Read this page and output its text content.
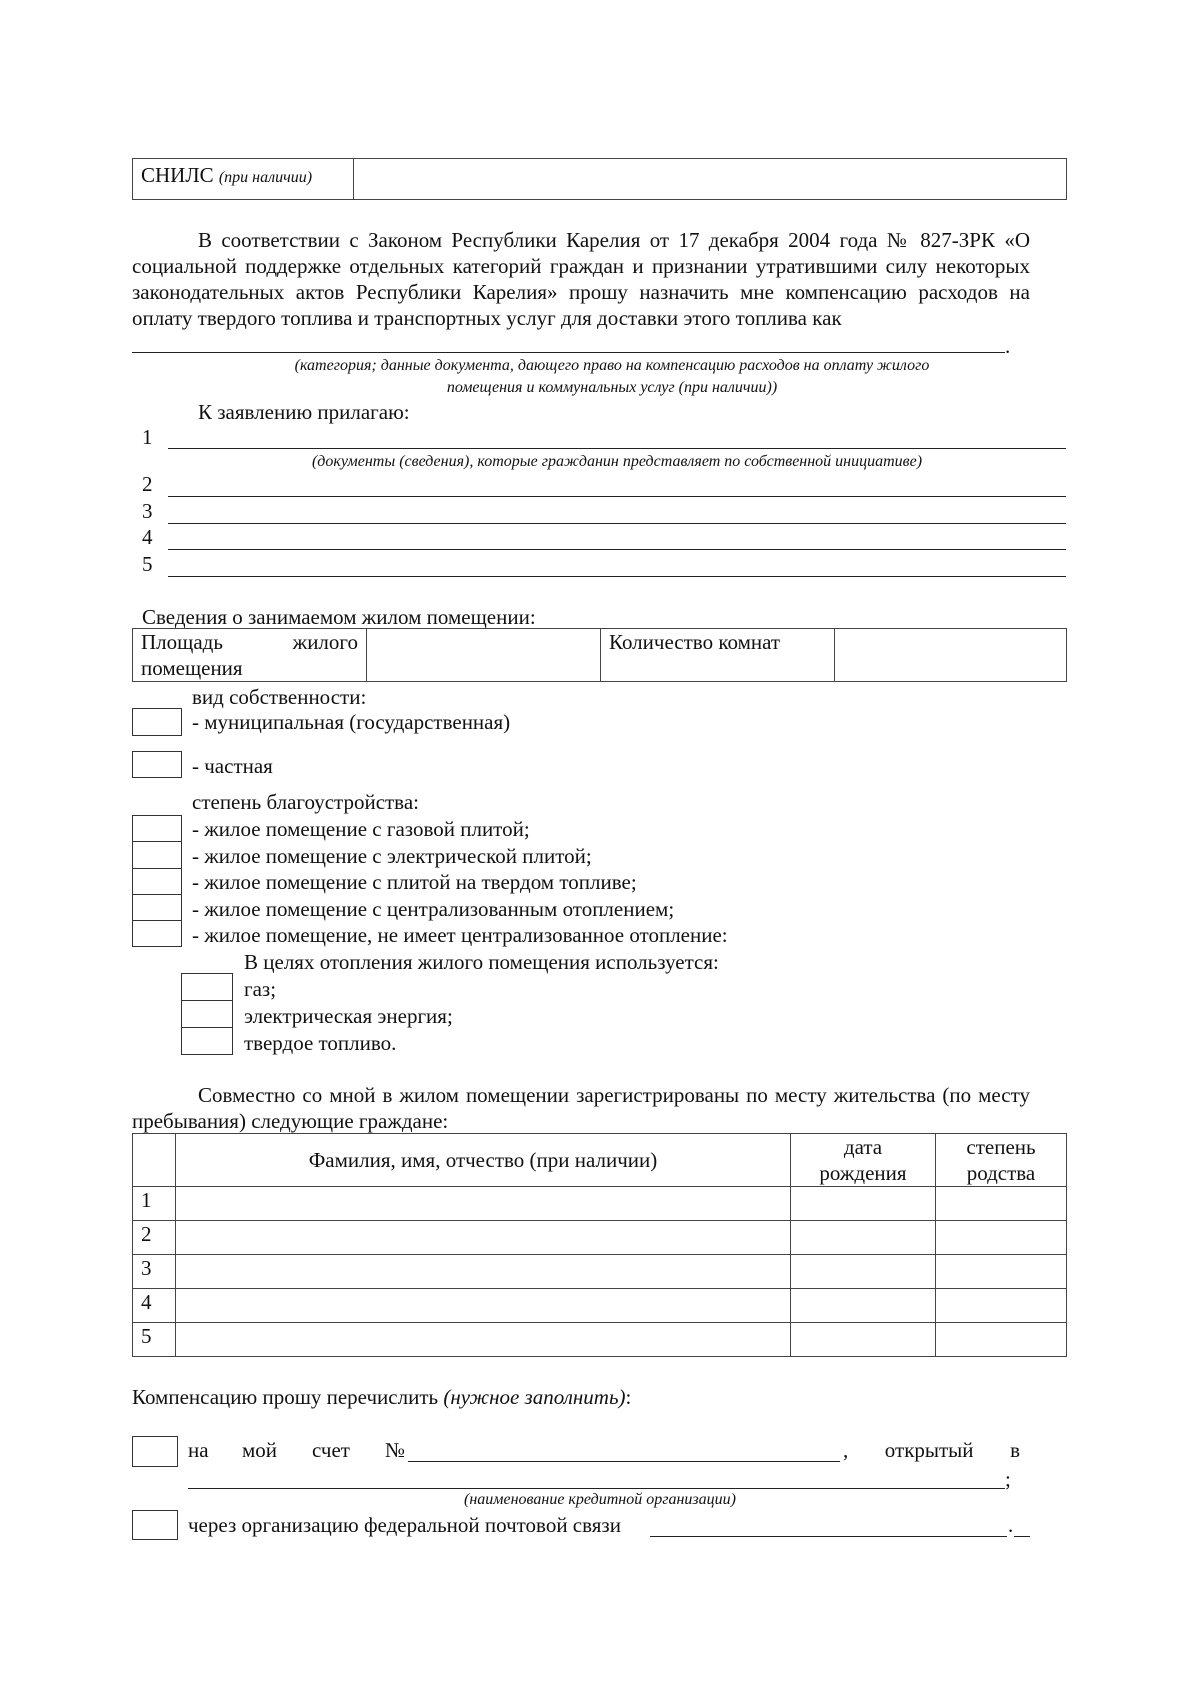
СНИЛС (при наличии)	
В соответствии с Законом Республики Карелия от 17 декабря 2004 года № 827-ЗРК «О социальной поддержке отдельных категорий граждан и признании утратившими силу некоторых законодательных актов Республики Карелия» прошу назначить мне компенсацию расходов на оплату твердого топлива и транспортных услуг для доставки этого топлива как
.
(категория; данные документа, дающего право на компенсацию расходов на оплату жилого
помещения и коммунальных услуг (при наличии))
К заявлению прилагаю:
1
(документы (сведения), которые гражданин представляет по собственной инициативе)
2
3
4
5
Сведения о занимаемом жилом помещении:
Площадь жилого помещения		Количество комнат	
вид собственности:
- муниципальная (государственная)
- частная
степень благоустройства:
- жилое помещение с газовой плитой;
- жилое помещение с электрической плитой;
- жилое помещение с плитой на твердом топливе;
- жилое помещение с централизованным отоплением;
- жилое помещение, не имеет централизованное отопление:
В целях отопления жилого помещения используется:
газ;
электрическая энергия;
твердое топливо.
Совместно со мной в жилом помещении зарегистрированы по месту жительства (по месту пребывания) следующие граждане:
	Фамилия, имя, отчество (при наличии)	дата рождения	степень родства
1			
2			
3			
4			
5			
Компенсацию прошу перечислить (нужное заполнить):
на мой счет №	, открытый в
;
(наименование кредитной организации)
через организацию федеральной почтовой связи	.
